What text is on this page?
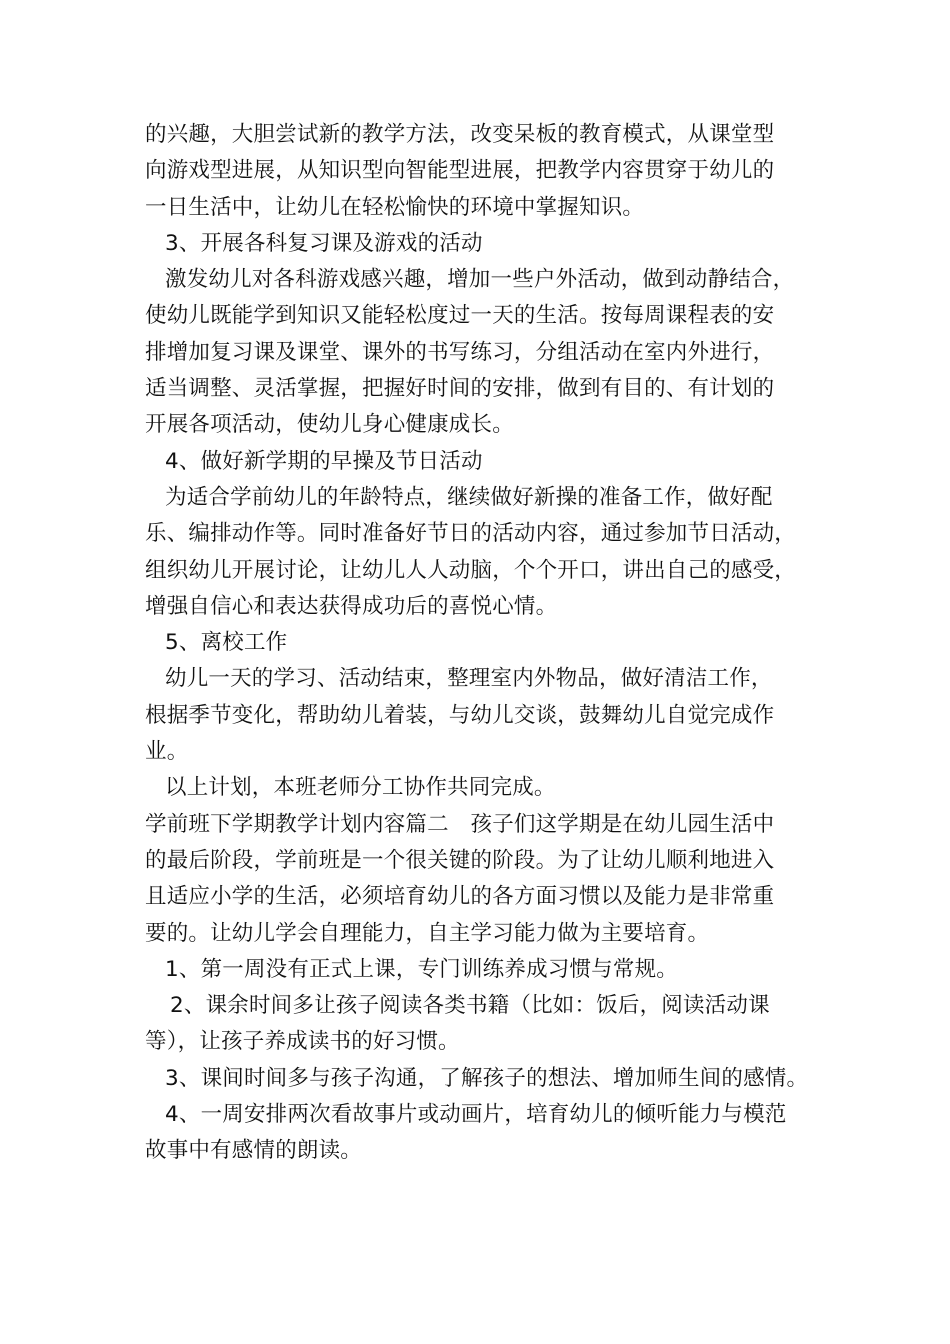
的兴趣，大胆尝试新的教学方法，改变呆板的教育模式，从课堂型
向游戏型进展，从知识型向智能型进展，把教学内容贯穿于幼儿的
一日生活中，让幼儿在轻松愉快的环境中掌握知识。
3、开展各科复习课及游戏的活动
激发幼儿对各科游戏感兴趣，增加一些户外活动，做到动静结合，
使幼儿既能学到知识又能轻松度过一天的生活。按每周课程表的安
排增加复习课及课堂、课外的书写练习，分组活动在室内外进行，
适当调整、灵活掌握，把握好时间的安排，做到有目的、有计划的
开展各项活动，使幼儿身心健康成长。
4、做好新学期的早操及节日活动
为适合学前幼儿的年龄特点，继续做好新操的准备工作，做好配
乐、编排动作等。同时准备好节日的活动内容，通过参加节日活动，
组织幼儿开展讨论，让幼儿人人动脑，个个开口，讲出自己的感受，
增强自信心和表达获得成功后的喜悦心情。
5、离校工作
幼儿一天的学习、活动结束，整理室内外物品，做好清洁工作，
根据季节变化，帮助幼儿着装，与幼儿交谈，鼓舞幼儿自觉完成作
业。
以上计划，本班老师分工协作共同完成。
学前班下学期教学计划内容篇二　孩子们这学期是在幼儿园生活中
的最后阶段，学前班是一个很关键的阶段。为了让幼儿顺利地进入
且适应小学的生活，必须培育幼儿的各方面习惯以及能力是非常重
要的。让幼儿学会自理能力，自主学习能力做为主要培育。
1、第一周没有正式上课，专门训练养成习惯与常规。
2、课余时间多让孩子阅读各类书籍（比如：饭后，阅读活动课
等），让孩子养成读书的好习惯。
3、课间时间多与孩子沟通，了解孩子的想法、增加师生间的感情。
4、一周安排两次看故事片或动画片，培育幼儿的倾听能力与模范
故事中有感情的朗读。
